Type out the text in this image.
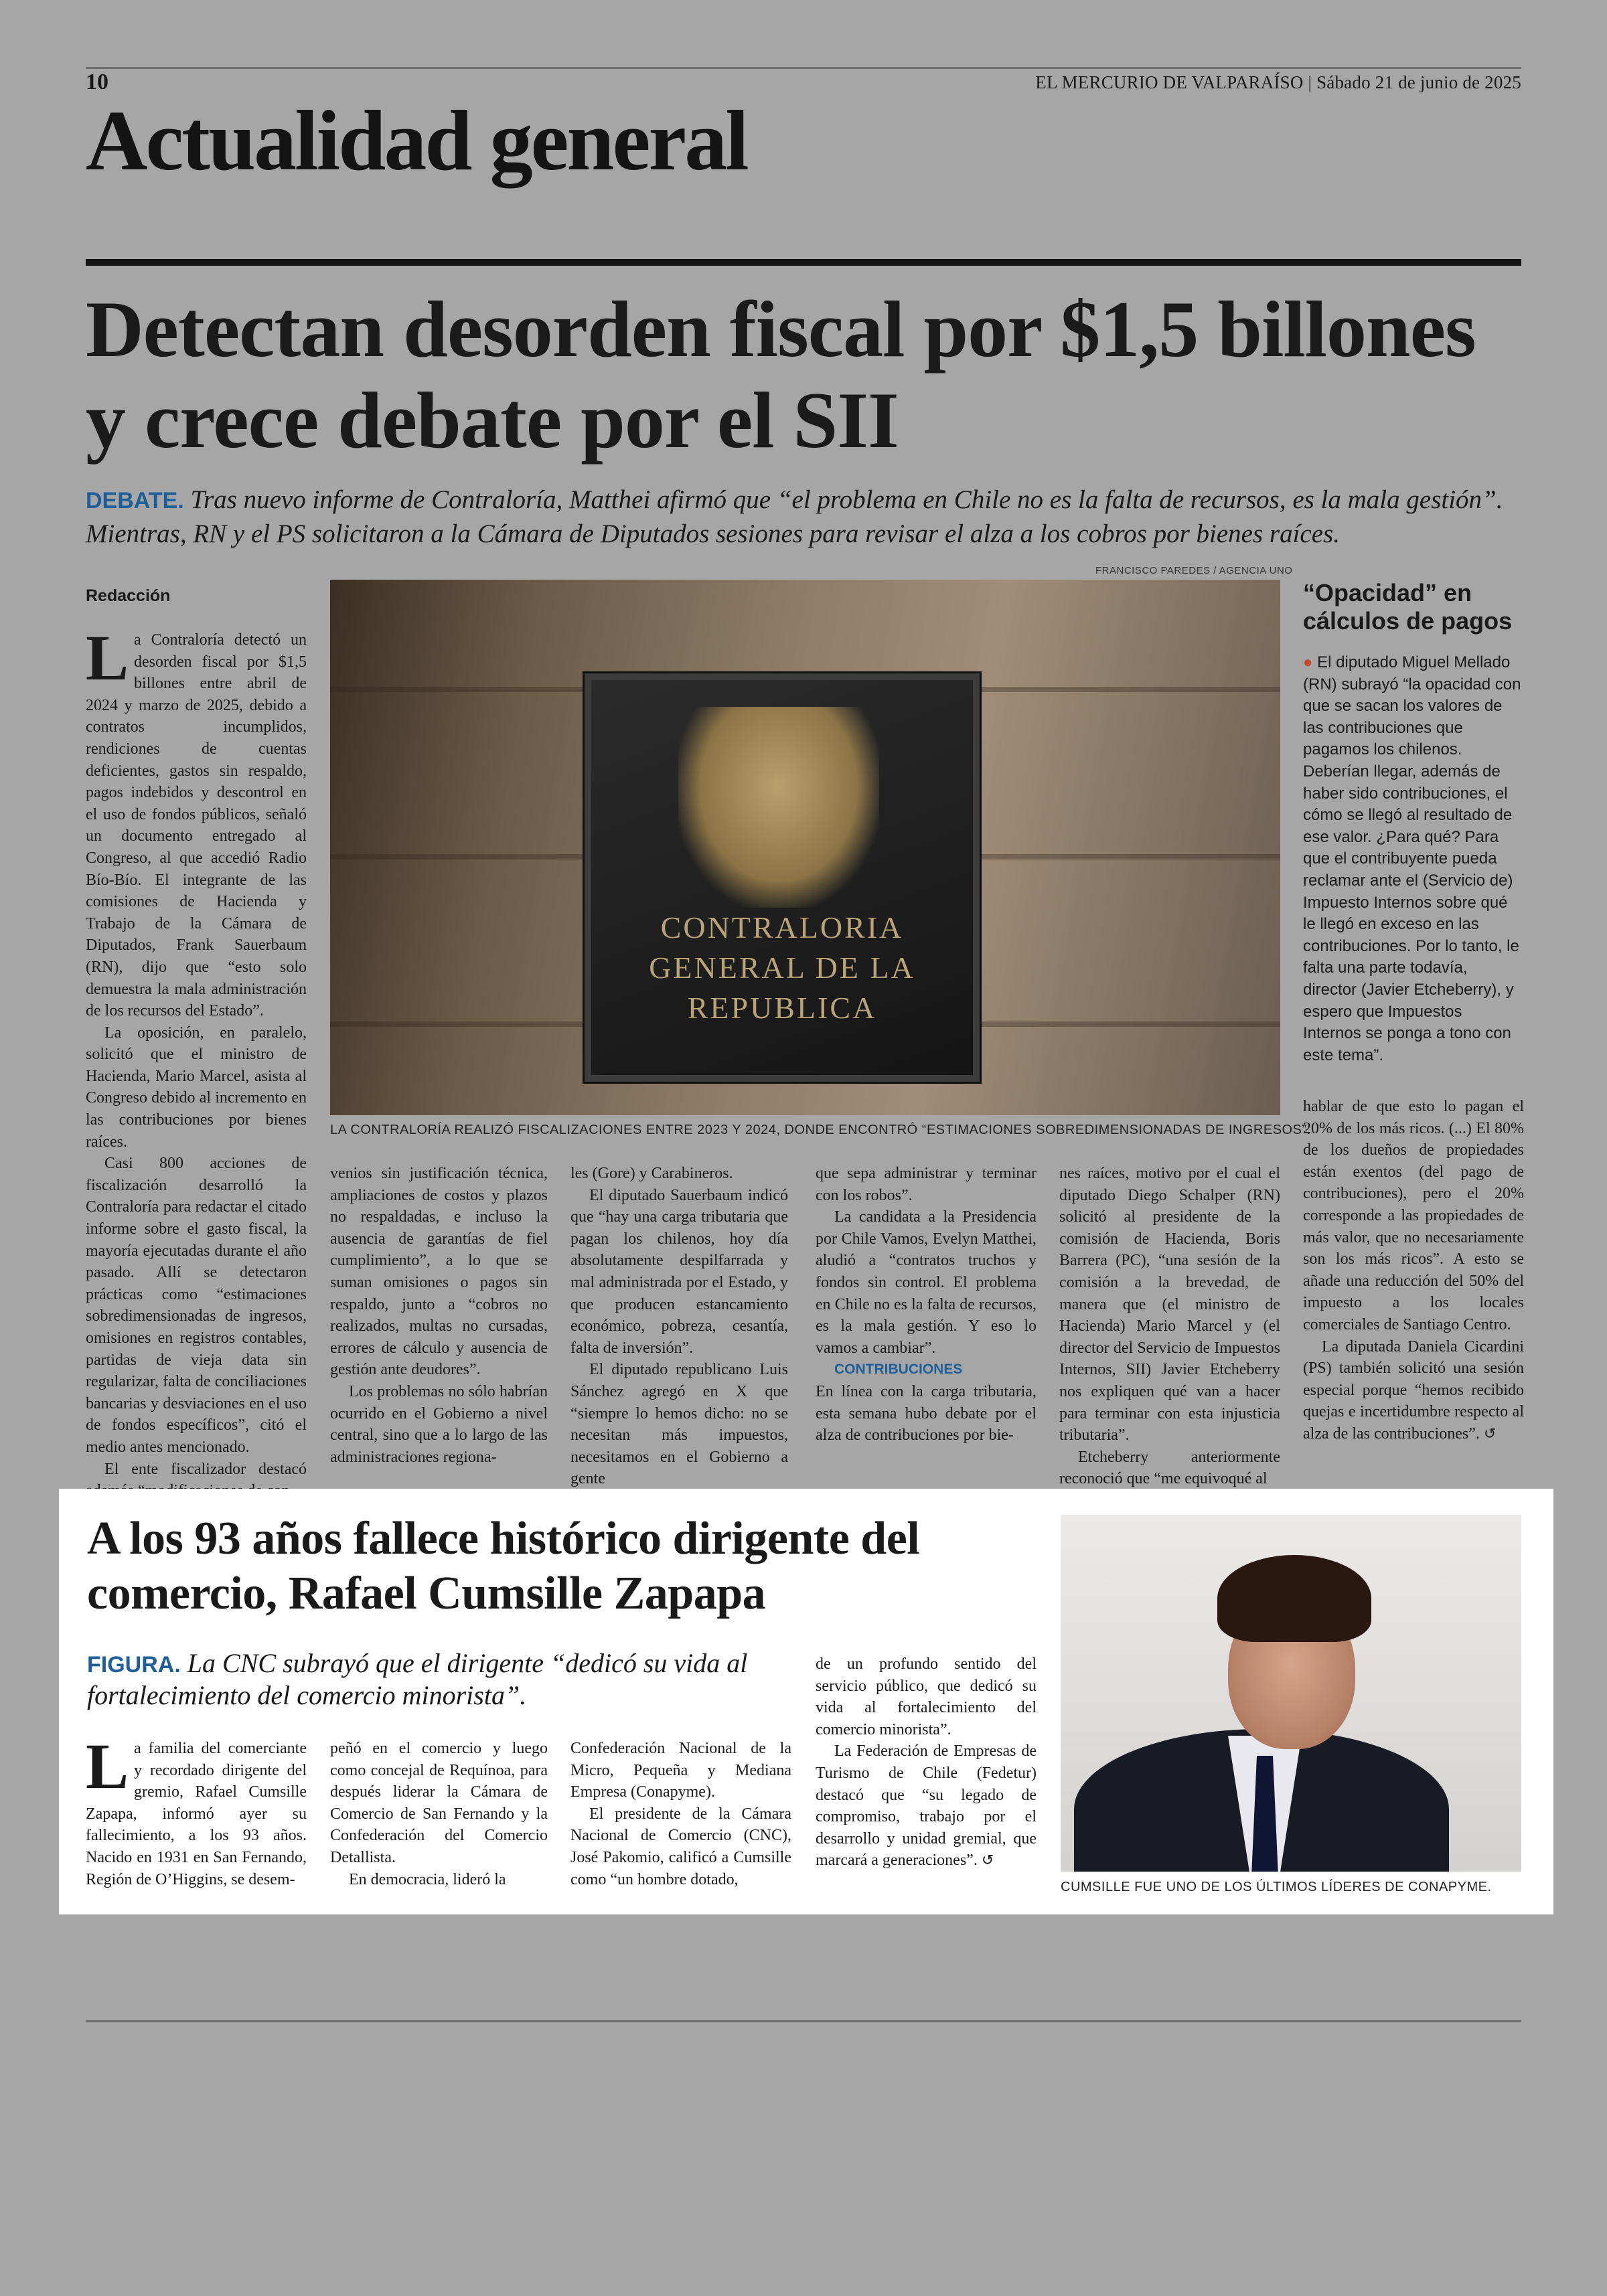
10	EL MERCURIO DE VALPARAÍSO | Sábado 21 de junio de 2025
Actualidad general
Detectan desorden fiscal por $1,5 billones y crece debate por el SII
DEBATE. Tras nuevo informe de Contraloría, Matthei afirmó que “el problema en Chile no es la falta de recursos, es la mala gestión”. Mientras, RN y el PS solicitaron a la Cámara de Diputados sesiones para revisar el alza a los cobros por bienes raíces.
FRANCISCO PAREDES / AGENCIA UNO
Redacción
CONTRALORIA GENERAL DE LA REPUBLICA
LA CONTRALORÍA REALIZÓ FISCALIZACIONES ENTRE 2023 Y 2024, DONDE ENCONTRÓ “ESTIMACIONES SOBREDIMENSIONADAS DE INGRESOS”.

La Contraloría detectó un desorden fiscal por $1,5 billones entre abril de 2024 y marzo de 2025, debido a contratos incumplidos, rendiciones de cuentas deficientes, gastos sin respaldo, pagos indebidos y descontrol en el uso de fondos públicos, señaló un documento entregado al Congreso, al que accedió Radio Bío-Bío. El integrante de las comisiones de Hacienda y Trabajo de la Cámara de Diputados, Frank Sauerbaum (RN), dijo que “esto solo demuestra la mala administración de los recursos del Estado”.

La oposición, en paralelo, solicitó que el ministro de Hacienda, Mario Marcel, asista al Congreso debido al incremento en las contribuciones por bienes raíces.

Casi 800 acciones de fiscalización desarrolló la Contraloría para redactar el citado informe sobre el gasto fiscal, la mayoría ejecutadas durante el año pasado. Allí se detectaron prácticas como “estimaciones sobredimensionadas de ingresos, omisiones en registros contables, partidas de vieja data sin regularizar, falta de conciliaciones bancarias y desviaciones en el uso de fondos específicos”, citó el medio antes mencionado.

El ente fiscalizador destacó

venios sin justificación técnica, ampliaciones de costos y plazos no respaldadas, e incluso la ausencia de garantías de fiel cumplimiento”, a lo que se suman omisiones o pagos sin respaldo, junto a “cobros no realizados, multas no cursadas, errores de cálculo y ausencia de gestión ante deudores”.

Los problemas no sólo habrían ocurrido en el Gobierno a nivel central, sino que a lo largo de las administraciones regiona-

les (Gore) y Carabineros.

El diputado Sauerbaum indicó que “hay una carga tributaria que pagan los chilenos, hoy día absolutamente despilfarrada y mal administrada por el Estado, y que producen estancamiento económico, pobreza, cesantía, falta de inversión”.

El diputado republicano Luis Sánchez agregó en X que “siempre lo hemos dicho: no se necesitan más impuestos, necesitamos en el Gobierno a gente

que sepa administrar y terminar con los robos”.

La candidata a la Presidencia por Chile Vamos, Evelyn Matthei, aludió a “contratos truchos y fondos sin control. El problema en Chile no es la falta de recursos, es la mala gestión. Y eso lo vamos a cambiar”.

CONTRIBUCIONES

En línea con la carga tributaria, esta semana hubo debate por el alza de contribuciones por bie-

nes raíces, motivo por el cual el diputado Diego Schalper (RN) solicitó al presidente de la comisión de Hacienda, Boris Barrera (PC), “una sesión de la comisión a la brevedad, de manera que (el ministro de Hacienda) Mario Marcel y (el director del Servicio de Impuestos Internos, SII) Javier Etcheberry nos expliquen qué van a hacer para terminar con esta injusticia tributaria”.

Etcheberry anteriormente reconoció que “me equivoqué al

hablar de que esto lo pagan el 20% de los más ricos. (...) El 80% de los dueños de propiedades están exentos (del pago de contribuciones), pero el 20% corresponde a las propiedades de más valor, que no necesariamente son los más ricos”. A esto se añade una reducción del 50% del impuesto a los locales comerciales de Santiago Centro.

La diputada Daniela Cicardini (PS) también solicitó una sesión especial porque “hemos recibido quejas e incertidumbre respecto al alza de las contribuciones”. ↺

“Opacidad” en cálculos de pagos
● El diputado Miguel Mellado (RN) subrayó “la opacidad con que se sacan los valores de las contribuciones que pagamos los chilenos. Deberían llegar, además de haber sido contribuciones, el cómo se llegó al resultado de ese valor. ¿Para qué? Para que el contribuyente pueda reclamar ante el (Servicio de) Impuesto Internos sobre qué le llegó en exceso en las contribuciones. Por lo tanto, le falta una parte todavía, director (Javier Etcheberry), y espero que Impuestos Internos se ponga a tono con este tema”.
A los 93 años fallece histórico dirigente del comercio, Rafael Cumsille Zapapa
FIGURA. La CNC subrayó que el dirigente “dedicó su vida al fortalecimiento del comercio minorista”.

La familia del comerciante y recordado dirigente del gremio, Rafael Cumsille Zapapa, informó ayer su fallecimiento, a los 93 años. Nacido en 1931 en San Fernando, Región de O’Higgins, se desem-

peñó en el comercio y luego como concejal de Requínoa, para después liderar la Cámara de Comercio de San Fernando y la Confederación del Comercio Detallista.

En democracia, lideró la

Confederación Nacional de la Micro, Pequeña y Mediana Empresa (Conapyme).

El presidente de la Cámara Nacional de Comercio (CNC), José Pakomio, calificó a Cumsille como “un hombre dotado,

de un profundo sentido del servicio público, que dedicó su vida al fortalecimiento del comercio minorista”.

La Federación de Empresas de Turismo de Chile (Fedetur) destacó que “su legado de compromiso, trabajo por el desarrollo y unidad gremial, que marcará a generaciones”. ↺

CUMSILLE FUE UNO DE LOS ÚLTIMOS LÍDERES DE CONAPYME.
